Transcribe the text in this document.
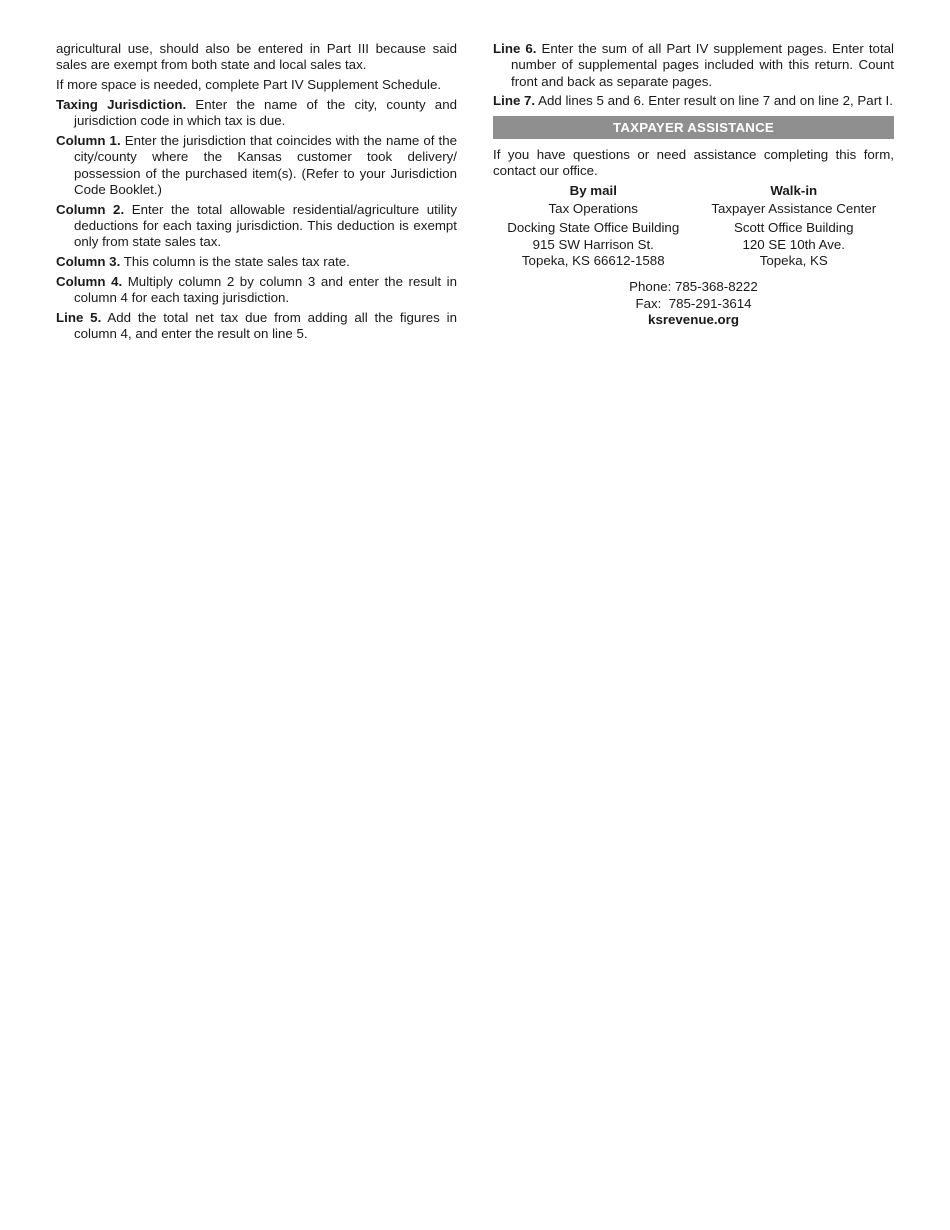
agricultural use, should also be entered in Part III because said sales are exempt from both state and local sales tax.

If more space is needed, complete Part IV Supplement Schedule.

Taxing Jurisdiction. Enter the name of the city, county and jurisdiction code in which tax is due.

Column 1. Enter the jurisdiction that coincides with the name of the city/county where the Kansas customer took delivery/ possession of the purchased item(s). (Refer to your Jurisdiction Code Booklet.)

Column 2. Enter the total allowable residential/agriculture utility deductions for each taxing jurisdiction. This deduction is exempt only from state sales tax.

Column 3. This column is the state sales tax rate.

Column 4. Multiply column 2 by column 3 and enter the result in column 4 for each taxing jurisdiction.

Line 5. Add the total net tax due from adding all the figures in column 4, and enter the result on line 5.

Line 6. Enter the sum of all Part IV supplement pages. Enter total number of supplemental pages included with this return. Count front and back as separate pages.

Line 7. Add lines 5 and 6. Enter result on line 7 and on line 2, Part I.

TAXPAYER ASSISTANCE

If you have questions or need assistance completing this form, contact our office.

By mail
Tax Operations
Docking State Office Building
915 SW Harrison St.
Topeka, KS 66612-1588
Walk-in
Taxpayer Assistance Center
Scott Office Building
120 SE 10th Ave.
Topeka, KS
Phone: 785-368-8222
Fax:  785-291-3614
ksrevenue.org
